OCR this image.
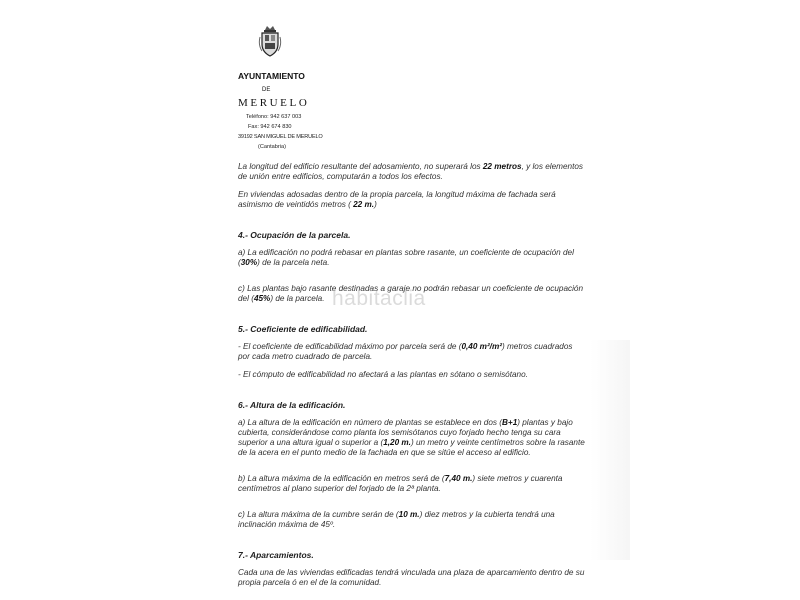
AYUNTAMIENTO
DE
MERUELO
Teléfono: 942 637 003
Fax: 942 674 830
39192 SAN MIGUEL DE MERUELO
(Cantabria)

La longitud del edificio resultante del adosamiento, no superará los 22 metros, y los elementos de unión entre edificios, computarán a todos los efectos.

En viviendas adosadas dentro de la propia parcela, la longitud máxima de fachada será asimismo de veintidós metros ( 22 m.)

4.- Ocupación de la parcela.

a) La edificación no podrá rebasar en plantas sobre rasante, un coeficiente de ocupación del (30%) de la parcela neta.

c) Las plantas bajo rasante destinadas a garaje no podrán rebasar un coeficiente de ocupación del (45%) de la parcela.

5.- Coeficiente de edificabilidad.

- El coeficiente de edificabilidad máximo por parcela será de (0,40 m²/m²) metros cuadrados por cada metro cuadrado de parcela.

- El cómputo de edificabilidad no afectará a las plantas en sótano o semisótano.

6.- Altura de la edificación.

a) La altura de la edificación en número de plantas se establece en dos (B+1) plantas y bajo cubierta, considerándose como planta los semisótanos cuyo forjado hecho tenga su cara superior a una altura igual o superior a (1,20 m.) un metro y veinte centímetros sobre la rasante de la acera en el punto medio de la fachada en que se sitúe el acceso al edificio.

b) La altura máxima de la edificación en metros será de (7,40 m.) siete metros y cuarenta centímetros al plano superior del forjado de la 2ª planta.

c) La altura máxima de la cumbre serán de (10 m.) diez metros y la cubierta tendrá una inclinación máxima de 45º.

7.- Aparcamientos.

Cada una de las viviendas edificadas tendrá vinculada una plaza de aparcamiento dentro de su propia parcela ó en el de la comunidad.

habitaclia
